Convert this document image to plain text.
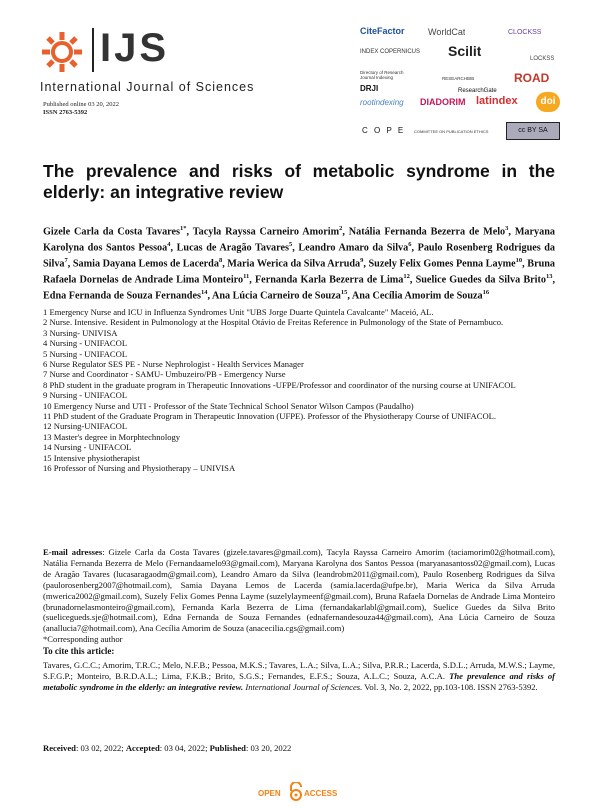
IJS
International Journal of Sciences
CiteFactor	WorldCat	CLOCKSS
INDEX COPERNICUS Scilit	LOCKSS
Directory of Research Journal Indexing	RESEARCHBIB	ROAD
DRJI	ResearchGate
rootindexing DIADORIM latindex	doi
C O P E COMMITTEE ON PUBLICATION ETHICS	cc BY SA
Published online 03 20, 2022
ISSN 2763-5392
The prevalence and risks of metabolic syndrome in the elderly: an integrative review
Gizele Carla da Costa Tavares$^{1*}$, Tacyla Rayssa Carneiro Amorim$^2$, Natália Fernanda Bezerra de Melo$^3$, Maryana Karolyna dos Santos Pessoa$^4$, Lucas de Aragão Tavares$^5$, Leandro Amaro da Silva$^6$, Paulo Rosenberg Rodrigues da Silva$^7$, Samia Dayana Lemos de Lacerda$^8$, Maria Werica da Silva Arruda$^9$, Suzely Felix Gomes Penna Layme$^{10}$, Bruna Rafaela Dornelas de Andrade Lima Monteiro$^{11}$, Fernanda Karla Bezerra de Lima$^{12}$, Suelice Guedes da Silva Brito$^{13}$, Edna Fernanda de Souza Fernandes$^{14}$, Ana Lúcia Carneiro de Souza$^{15}$, Ana Cecília Amorim de Souza$^{16}$
1 Emergency Nurse and ICU in Influenza Syndromes Unit "UBS Jorge Duarte Quintela Cavalcante" Maceió, AL.
2 Nurse. Intensive. Resident in Pulmonology at the Hospital Otávio de Freitas Reference in Pulmonology of the State of Pernambuco.
3 Nursing- UNIVISA
4 Nursing - UNIFACOL
5 Nursing - UNIFACOL
6 Nurse Regulator SES PE - Nurse Nephrologist - Health Services Manager
7 Nurse and Coordinator - SAMU- Umbuzeiro/PB - Emergency Nurse
8 PhD student in the graduate program in Therapeutic Innovations -UFPE/Professor and coordinator of the nursing course at UNIFACOL
9 Nursing - UNIFACOL
10 Emergency Nurse and UTI - Professor of the State Technical School Senator Wilson Campos (Paudalho)
11 PhD student of the Graduate Program in Therapeutic Innovation (UFPE). Professor of the Physiotherapy Course of UNIFACOL.
12 Nursing-UNIFACOL
13 Master's degree in Morphtechnology
14 Nursing - UNIFACOL
15 Intensive physiotherapist
16 Professor of Nursing and Physiotherapy – UNIVISA
E-mail adresses: Gizele Carla da Costa Tavares (gizele.tavares@gmail.com), Tacyla Rayssa Carneiro Amorim (taciamorim02@hotmail.com), Natália Fernanda Bezerra de Melo (Fernandaamelo93@gmail.com), Maryana Karolyna dos Santos Pessoa (maryanasantoss02@gmail.com), Lucas de Aragão Tavares (lucasaragaodm@gmail.com), Leandro Amaro da Silva (leandrobm2011@gmail.com), Paulo Rosenberg Rodrigues da Silva (paulorosenberg2007@hotmail.com), Samia Dayana Lemos de Lacerda (samia.lacerda@ufpe.br), Maria Werica da Silva Arruda (mwerica2002@gmail.com), Suzely Felix Gomes Penna Layme (suzelylaymeenf@gmail.com), Bruna Rafaela Dornelas de Andrade Lima Monteiro (brunadornelasmonteiro@gmail.com), Fernanda Karla Bezerra de Lima (fernandakarlabl@gmail.com), Suelice Guedes da Silva Brito (suelicegueds.sje@hotmail.com), Edna Fernanda de Souza Fernandes (ednafernandesouza44@gmail.com), Ana Lúcia Carneiro de Souza (anallucia7@hotmail.com), Ana Cecília Amorim de Souza (anacecilia.cgs@gmail.com)
*Corresponding author
To cite this article:
Tavares, G.C.C.; Amorim, T.R.C.; Melo, N.F.B.; Pessoa, M.K.S.; Tavares, L.A.; Silva, L.A.; Silva, P.R.R.; Lacerda, S.D.L.; Arruda, M.W.S.; Layme, S.F.G.P.; Monteiro, B.R.D.A.L.; Lima, F.K.B.; Brito, S.G.S.; Fernandes, E.F.S.; Souza, A.L.C.; Souza, A.C.A. The prevalence and risks of metabolic syndrome in the elderly: an integrative review. International Journal of Sciences. Vol. 3, No. 2, 2022, pp.103-108. ISSN 2763-5392.
Received: 03 02, 2022; Accepted: 03 04, 2022; Published: 03 20, 2022
OPEN	ACCESS
